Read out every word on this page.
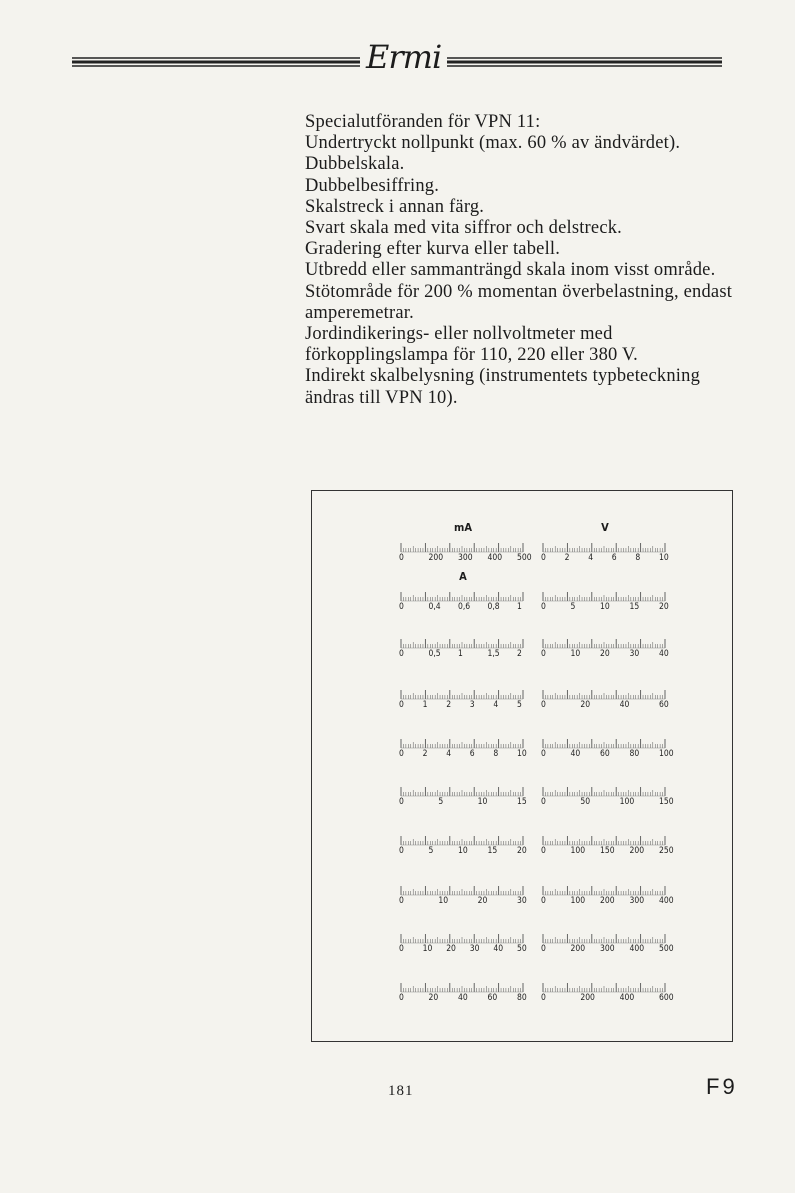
Ermi

Specialutföranden för VPN 11:

Undertryckt nollpunkt (max. 60 % av ändvärdet).

Dubbelskala.

Dubbelbesiffring.

Skalstreck i annan färg.

Svart skala med vita siffror och delstreck.

Gradering efter kurva eller tabell.

Utbredd eller sammanträngd skala inom visst område.

Stötområde för 200 % momentan överbelastning, endast amperemetrar.

Jordindikerings- eller nollvoltmeter med förkopplingslampa för 110, 220 eller 380 V.

Indirekt skalbelysning (instrumentets typbeteckning ändras till VPN 10).

mA
0	200 300 400 500
A
0	0,4 0,6 0,8 1
0	0,5 1	1,5 2
0 1 2 3 4 5
0 2 4 6 8 10
0	5	10	15
0	5	10 15 20
0	10	20	30
0 10 20 30 40 50
0	20 40 60 80
V
0 2 4 6 8 10
0	5	10 15 20
0	10 20 30 40
0	20	40	60
0	40 60 80 100
0	50	100	150
0	100 150 200 250
0	100 200 300 400
0	200 300 400 500
0	200	400	600
181	F9
